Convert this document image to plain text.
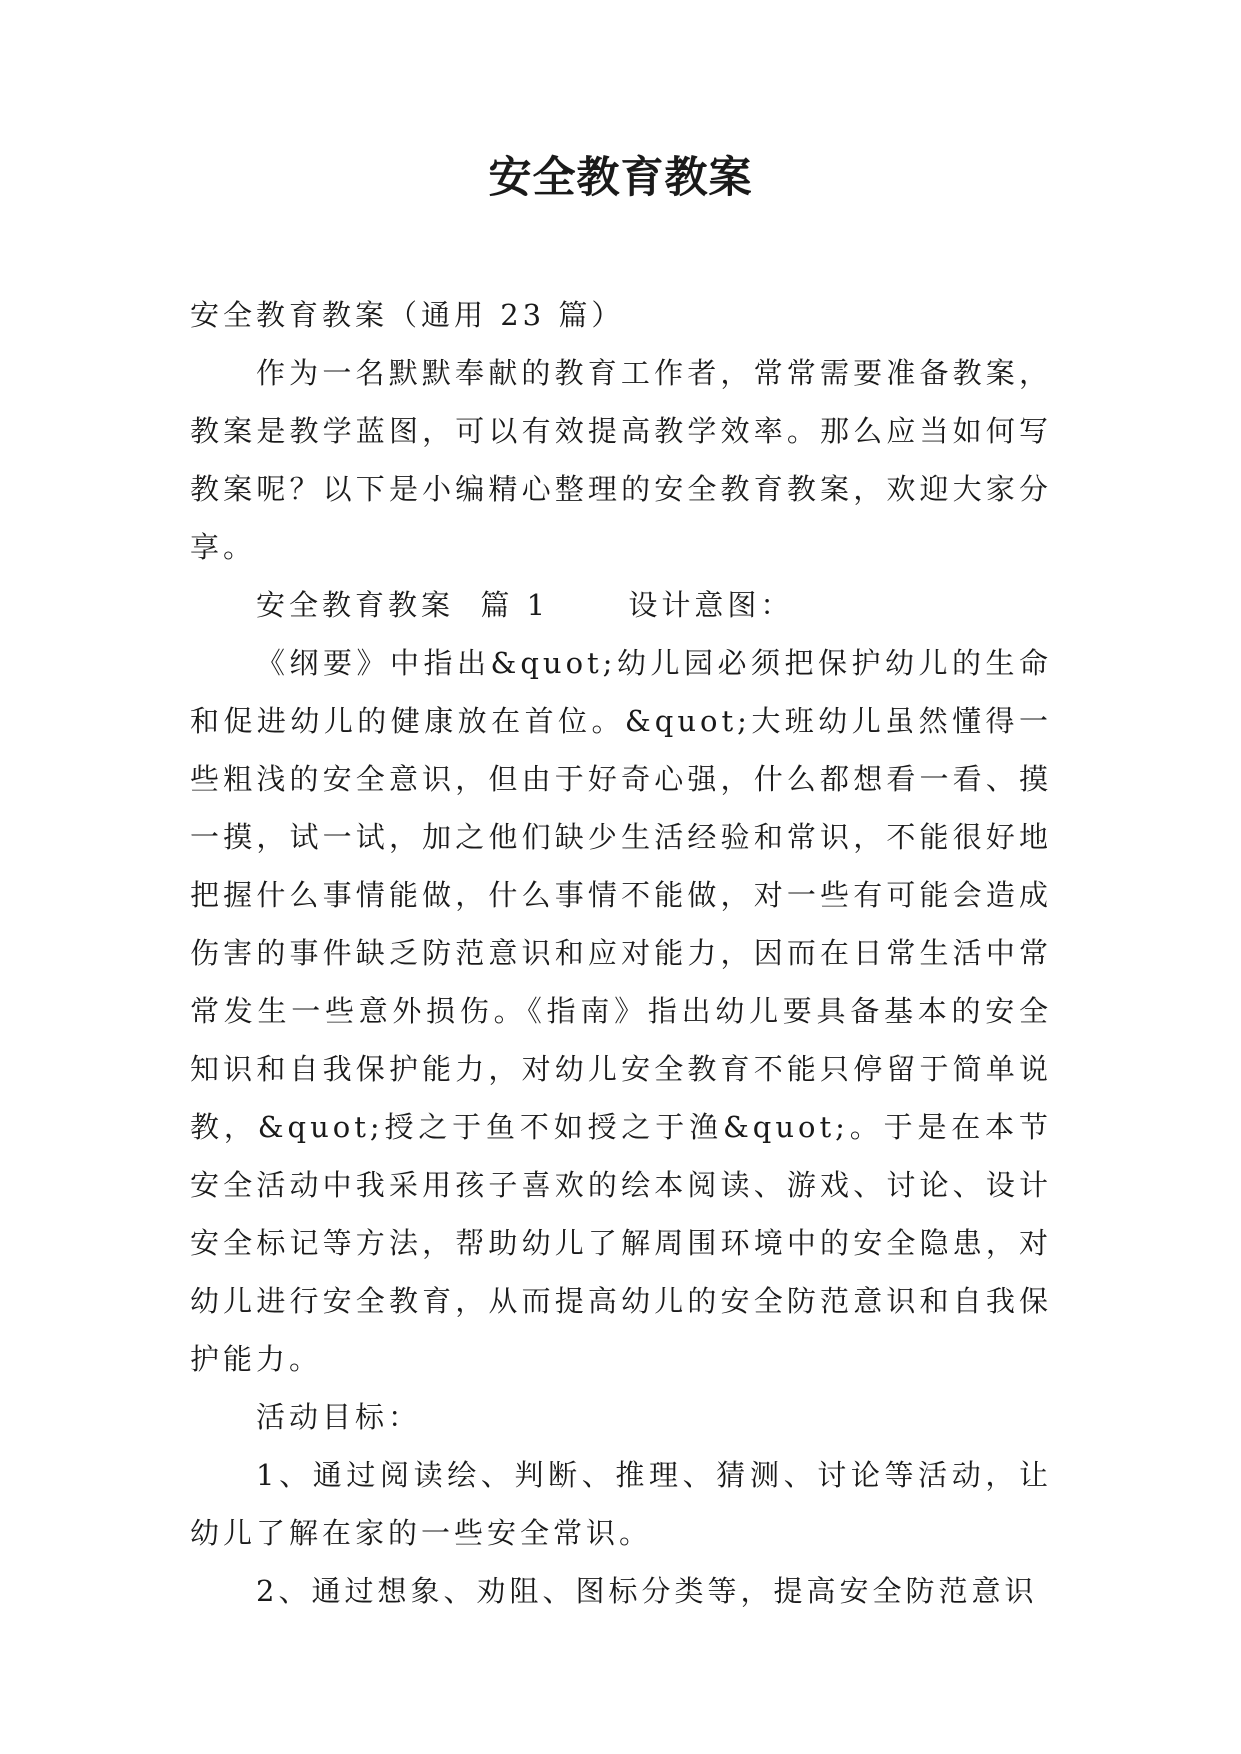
安全教育教案

安全教育教案（通用 23 篇）

作为一名默默奉献的教育工作者，常常需要准备教案，教案是教学蓝图，可以有效提高教学效率。那么应当如何写教案呢？以下是小编精心整理的安全教育教案，欢迎大家分享。

安全教育教案  篇 1      设计意图：

《纲要》中指出&quot;幼儿园必须把保护幼儿的生命和促进幼儿的健康放在首位。&quot;大班幼儿虽然懂得一些粗浅的安全意识，但由于好奇心强，什么都想看一看、摸一摸，试一试，加之他们缺少生活经验和常识，不能很好地把握什么事情能做，什么事情不能做，对一些有可能会造成伤害的事件缺乏防范意识和应对能力，因而在日常生活中常常发生一些意外损伤。《指南》指出幼儿要具备基本的安全知识和自我保护能力，对幼儿安全教育不能只停留于简单说教，&quot;授之于鱼不如授之于渔&quot;。于是在本节安全活动中我采用孩子喜欢的绘本阅读、游戏、讨论、设计安全标记等方法，帮助幼儿了解周围环境中的安全隐患，对幼儿进行安全教育，从而提高幼儿的安全防范意识和自我保护能力。

活动目标：

1、通过阅读绘、判断、推理、猜测、讨论等活动，让幼儿了解在家的一些安全常识。

2、通过想象、劝阻、图标分类等，提高安全防范意识
